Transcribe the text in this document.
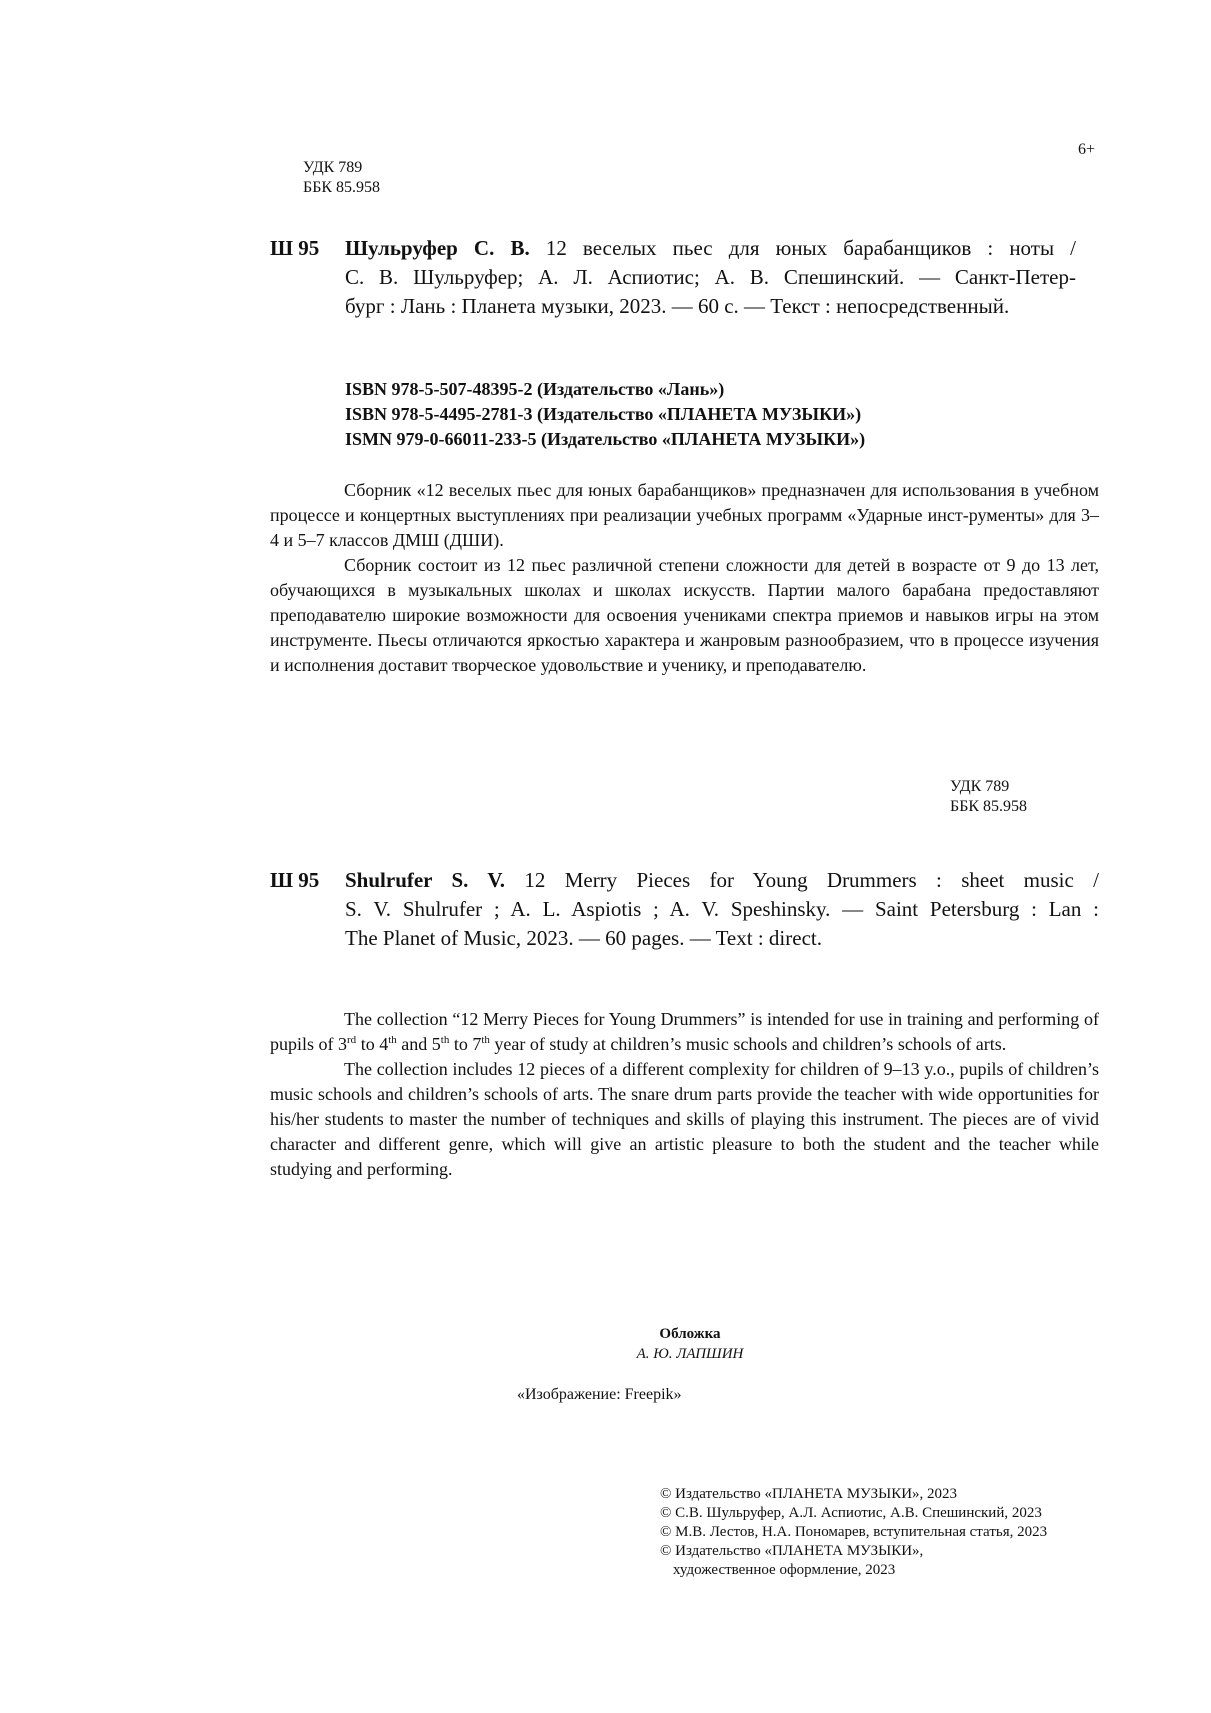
6+
УДК 789
ББК 85.958
Ш 95 Шульруфер С. В. 12 веселых пьес для юных барабанщиков : ноты /
С. В. Шульруфер; А. Л. Аспиотис; А. В. Спешинский. — Санкт-Петер-
бург : Лань : Планета музыки, 2023. — 60 с. — Текст : непосредственный.
ISBN 978-5-507-48395-2 (Издательство «Лань»)
ISBN 978-5-4495-2781-3 (Издательство «ПЛАНЕТА МУЗЫКИ»)
ISMN 979-0-66011-233-5 (Издательство «ПЛАНЕТА МУЗЫКИ»)

Сборник «12 веселых пьес для юных барабанщиков» предназначен для использования в учебном процессе и концертных выступлениях при реализации учебных программ «Ударные инст-рументы» для 3–4 и 5–7 классов ДМШ (ДШИ).

Сборник состоит из 12 пьес различной степени сложности для детей в возрасте от 9 до 13 лет, обучающихся в музыкальных школах и школах искусств. Партии малого барабана предоставляют преподавателю широкие возможности для освоения учениками спектра приемов и навыков игры на этом инструменте. Пьесы отличаются яркостью характера и жанровым разнообразием, что в процессе изучения и исполнения доставит творческое удовольствие и ученику, и преподавателю.

УДК 789
ББК 85.958
Ш 95 Shulrufer S. V. 12 Merry Pieces for Young Drummers : sheet music /
S. V. Shulrufer ; A. L. Aspiotis ; A. V. Speshinsky. — Saint Petersburg : Lan :
The Planet of Music, 2023. — 60 pages. — Text : direct.

The collection “12 Merry Pieces for Young Drummers” is intended for use in training and performing of pupils of 3rd to 4th and 5th to 7th year of study at children’s music schools and children’s schools of arts.

The collection includes 12 pieces of a different complexity for children of 9–13 y.o., pupils of children’s music schools and children’s schools of arts. The snare drum parts provide the teacher with wide opportunities for his/her students to master the number of techniques and skills of playing this instrument. The pieces are of vivid character and different genre, which will give an artistic pleasure to both the student and the teacher while studying and performing.

Обложка
А. Ю. ЛАПШИН
«Изображение: Freepik»
© Издательство «ПЛАНЕТА МУЗЫКИ», 2023
© С.В. Шульруфер, А.Л. Аспиотис, А.В. Спешинский, 2023
© М.В. Лестов, Н.А. Пономарев, вступительная статья, 2023
© Издательство «ПЛАНЕТА МУЗЫКИ»,
художественное оформление, 2023
